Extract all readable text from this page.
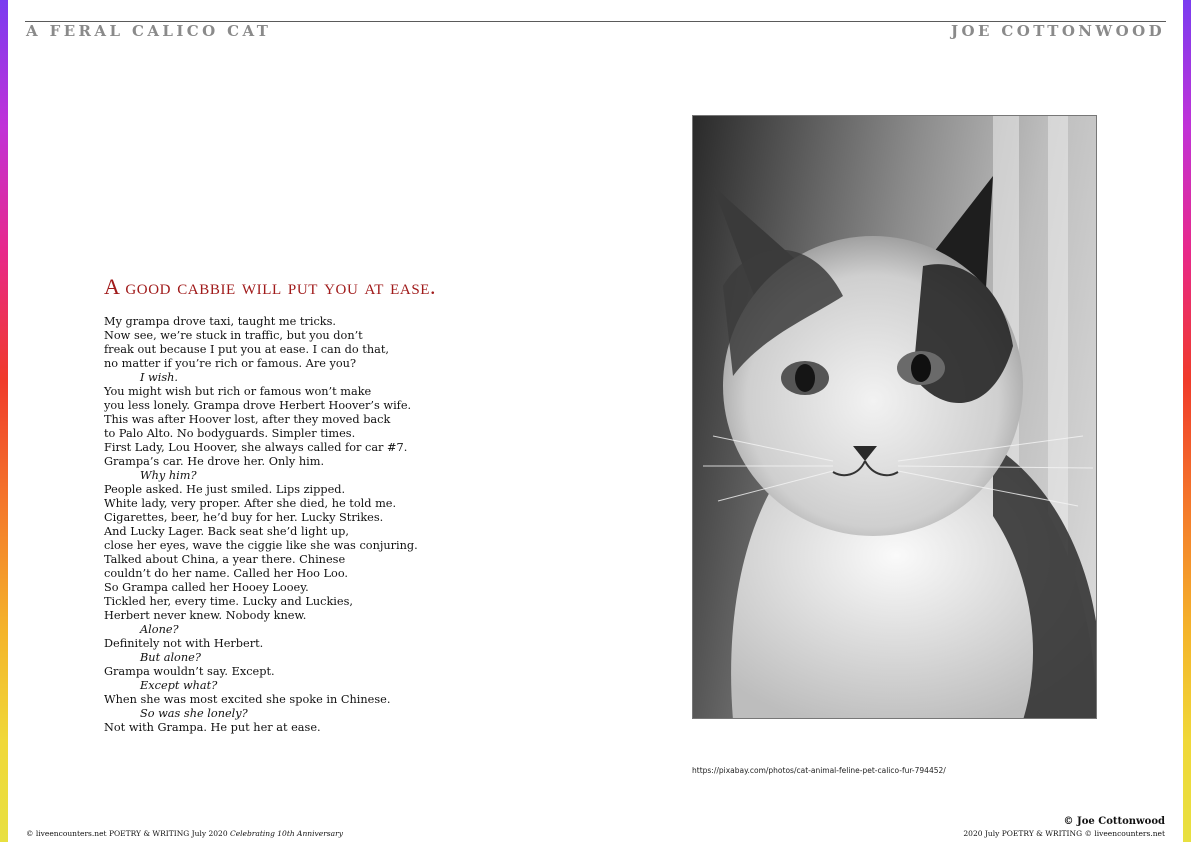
A FERAL CALICO CAT	JOE COTTONWOOD
A good cabbie will put you at ease.
My grampa drove taxi, taught me tricks.
Now see, we’re stuck in traffic, but you don’t
freak out because I put you at ease. I can do that,
no matter if you’re rich or famous. Are you?
I wish.
You might wish but rich or famous won’t make
you less lonely. Grampa drove Herbert Hoover’s wife.
This was after Hoover lost, after they moved back
to Palo Alto. No bodyguards. Simpler times.
First Lady, Lou Hoover, she always called for car #7.
Grampa’s car. He drove her. Only him.
Why him?
People asked. He just smiled. Lips zipped.
White lady, very proper. After she died, he told me.
Cigarettes, beer, he’d buy for her. Lucky Strikes.
And Lucky Lager. Back seat she’d light up,
close her eyes, wave the ciggie like she was conjuring.
Talked about China, a year there. Chinese
couldn’t do her name. Called her Hoo Loo.
So Grampa called her Hooey Looey.
Tickled her, every time. Lucky and Luckies,
Herbert never knew. Nobody knew.
Alone?
Definitely not with Herbert.
But alone?
Grampa wouldn’t say. Except.
Except what?
When she was most excited she spoke in Chinese.
So was she lonely?
Not with Grampa. He put her at ease.
https://pixabay.com/photos/cat-animal-feline-pet-calico-fur-794452/
© liveencounters.net POETRY & WRITING July 2020 Celebrating 10th Anniversary
© Joe Cottonwood
2020 July POETRY & WRITING © liveencounters.net
